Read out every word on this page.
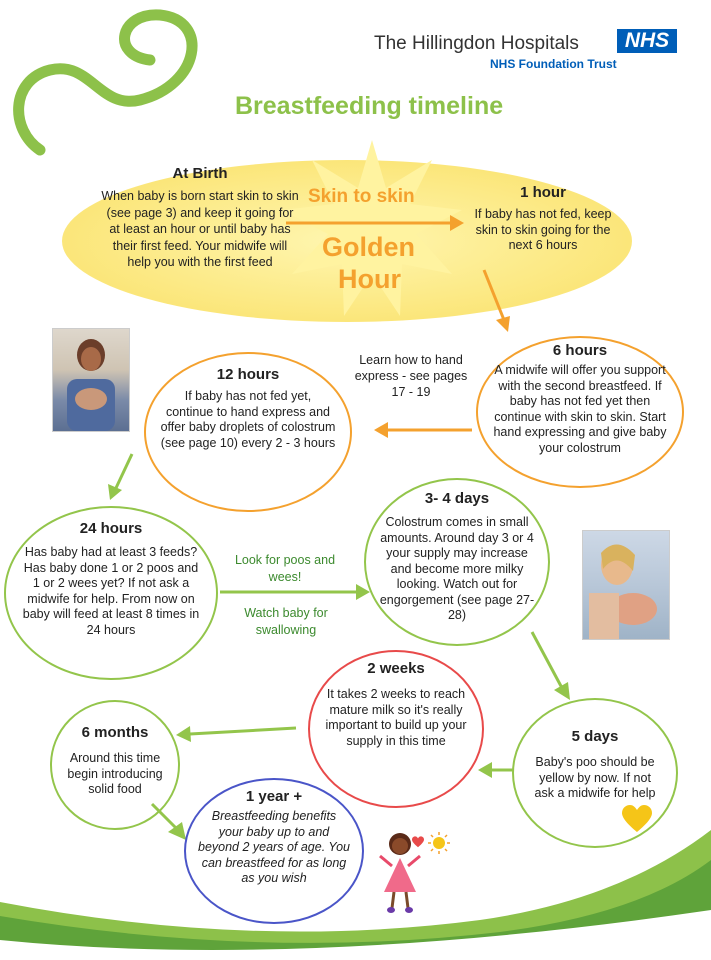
The Hillingdon Hospitals	NHS
NHS Foundation Trust
Breastfeeding timeline
Skin to skin
Golden
Hour
At Birth
When baby is born start skin to skin (see page 3) and keep it going for at least an hour or until baby has their first feed. Your midwife will help you with the first feed
1 hour
If baby has not fed, keep skin to skin going for the next 6 hours
6 hours
A midwife will offer you support with the second breastfeed. If baby has not fed yet then continue with skin to skin. Start hand expressing and give baby your colostrum
Learn how to hand express - see pages 17 - 19
12 hours
If baby has not fed yet, continue to hand express and offer baby droplets of colostrum (see page 10) every 2 - 3 hours
24 hours
Has baby had at least 3 feeds? Has baby done 1 or 2 poos and 1 or 2 wees yet? If not ask a midwife for help. From now on baby will feed at least 8 times in 24 hours
Look for poos and wees!
Watch baby for swallowing
3- 4 days
Colostrum comes in small amounts. Around day 3 or 4 your supply may increase and become more milky looking. Watch out for engorgement (see page 27-28)
5 days
Baby's poo should be yellow by now. If not ask a midwife for help
2 weeks
It takes 2 weeks to reach mature milk so it's really important to build up your supply in this time
6 months
Around this time begin introducing solid food	1 year +
Breastfeeding benefits your baby up to and beyond 2 years of age. You can breastfeed for as long as you wish
